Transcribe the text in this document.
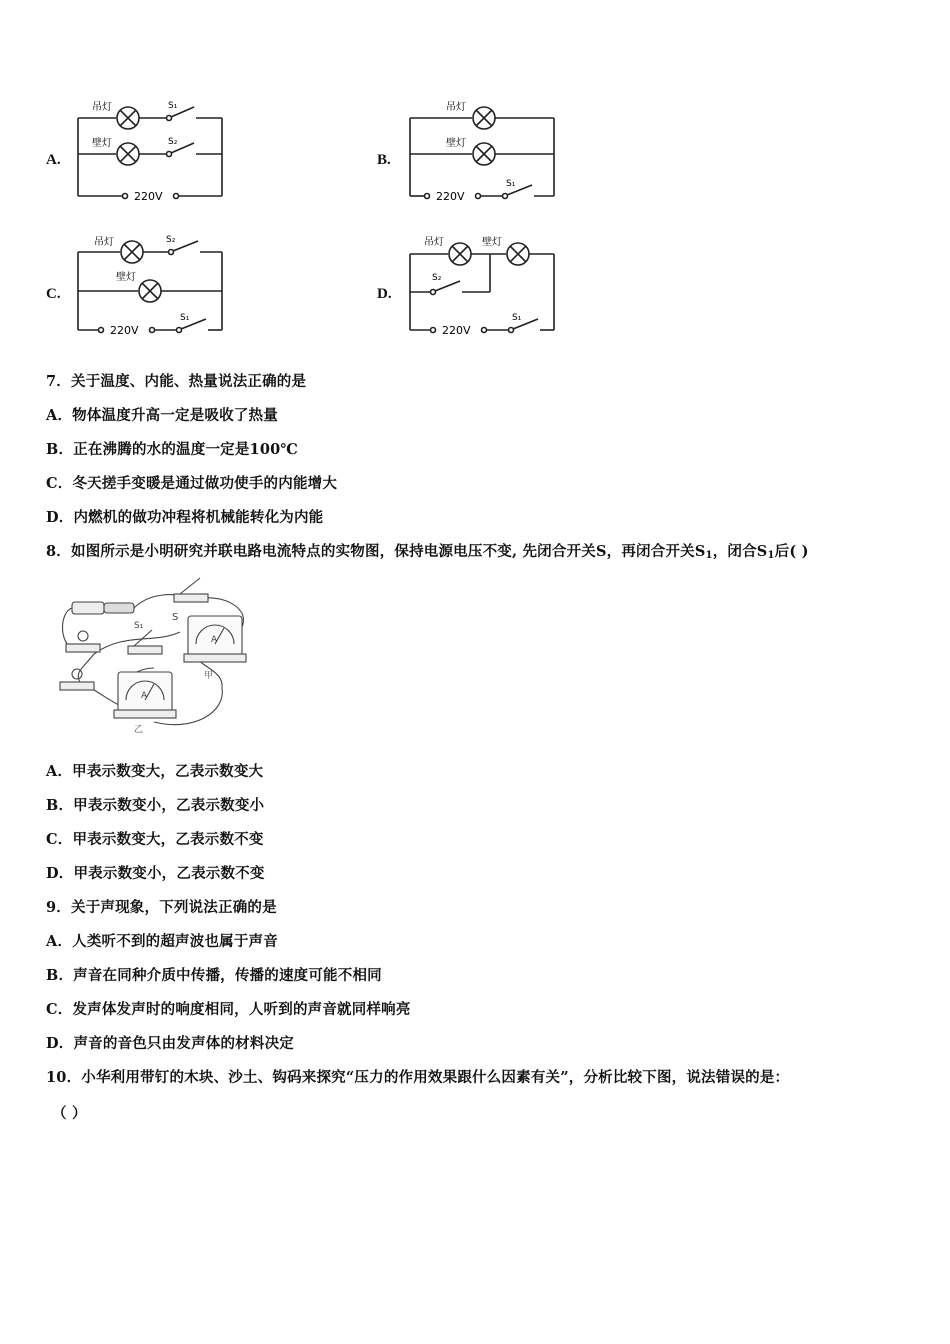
A.
吊灯
壁灯
S₁
S₂
220V
B.
吊灯
壁灯
S₁
220V
C.
吊灯
壁灯
S₂
S₁
220V
D.
吊灯	壁灯
S₂
S₁
220V
7．关于温度、内能、热量说法正确的是
A．物体温度升高一定是吸收了热量
B．正在沸腾的水的温度一定是100℃
C．冬天搓手变暖是通过做功使手的内能增大
D．内燃机的做功冲程将机械能转化为内能
8．如图所示是小明研究并联电路电流特点的实物图，保持电源电压不变, 先闭合开关S，再闭合开关$S_1$，闭合$S_1$后( )
S
S₁
A
A
甲
乙
A．甲表示数变大，乙表示数变大
B．甲表示数变小，乙表示数变小
C．甲表示数变大，乙表示数不变
D．甲表示数变小，乙表示数不变
9．关于声现象，下列说法正确的是
A．人类听不到的超声波也属于声音
B．声音在同种介质中传播，传播的速度可能不相同
C．发声体发声时的响度相同，人听到的声音就同样响亮
D．声音的音色只由发声体的材料决定
10．小华利用带钉的木块、沙土、钩码来探究“压力的作用效果跟什么因素有关”，分析比较下图，说法错误的是：
（ ）
